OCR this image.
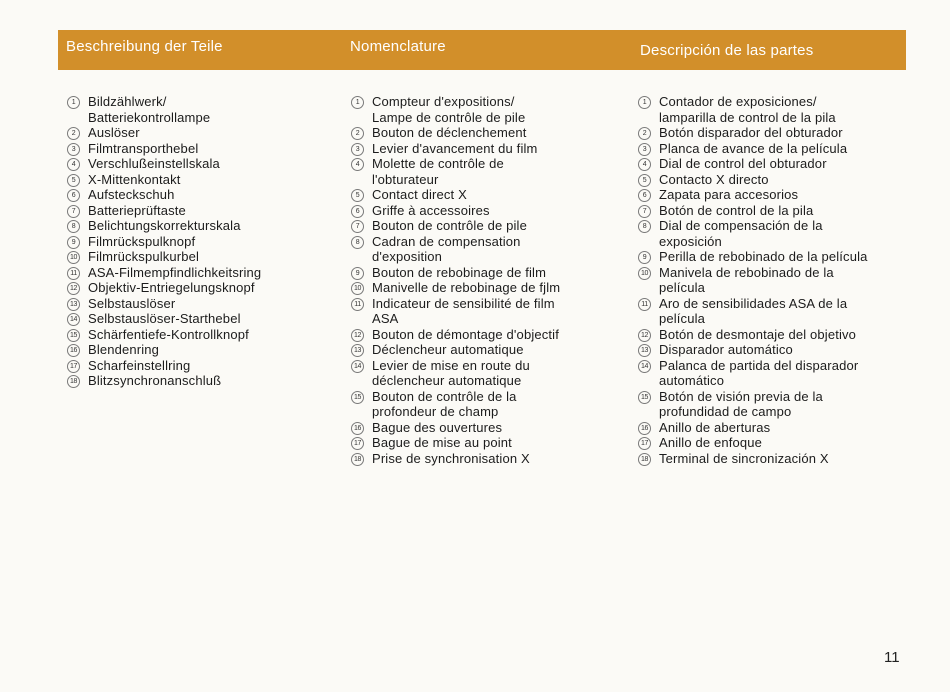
Beschreibung der Teile	Nomenclature	Descripción de las partes
1 Bildzählwerk/
Batteriekontrollampe
2 Auslöser
3 Filmtransporthebel
4 Verschlußeinstellskala
5 X-Mittenkontakt
6 Aufsteckschuh
7 Batterieprüftaste
8 Belichtungskorrekturskala
9 Filmrückspulknopf
10 Filmrückspulkurbel
11 ASA-Filmempfindlichkeitsring
12 Objektiv-Entriegelungsknopf
13 Selbstauslöser
14 Selbstauslöser-Starthebel
15 Schärfentiefe-Kontrollknopf
16 Blendenring
17 Scharfeinstellring
18 Blitzsynchronanschluß
1 Compteur d'expositions/
Lampe de contrôle de pile
2 Bouton de déclenchement
3 Levier d'avancement du film
4 Molette de contrôle de
l'obturateur
5 Contact direct X
6 Griffe à accessoires
7 Bouton de contrôle de pile
8 Cadran de compensation
d'exposition
9 Bouton de rebobinage de film
10 Manivelle de rebobinage de fjlm
11 Indicateur de sensibilité de film
ASA
12 Bouton de démontage d'objectif
13 Déclencheur automatique
14 Levier de mise en route du
déclencheur automatique
15 Bouton de contrôle de la
profondeur de champ
16 Bague des ouvertures
17 Bague de mise au point
18 Prise de synchronisation X
1 Contador de exposiciones/
lamparilla de control de la pila
2 Botón disparador del obturador
3 Planca de avance de la película
4 Dial de control del obturador
5 Contacto X directo
6 Zapata para accesorios
7 Botón de control de la pila
8 Dial de compensación de la
exposición
9 Perilla de rebobinado de la película
10 Manivela de rebobinado de la
película
11 Aro de sensibilidades ASA de la
película
12 Botón de desmontaje del objetivo
13 Disparador automático
14 Palanca de partida del disparador
automático
15 Botón de visión previa de la
profundidad de campo
16 Anillo de aberturas
17 Anillo de enfoque
18 Terminal de sincronización X
11
